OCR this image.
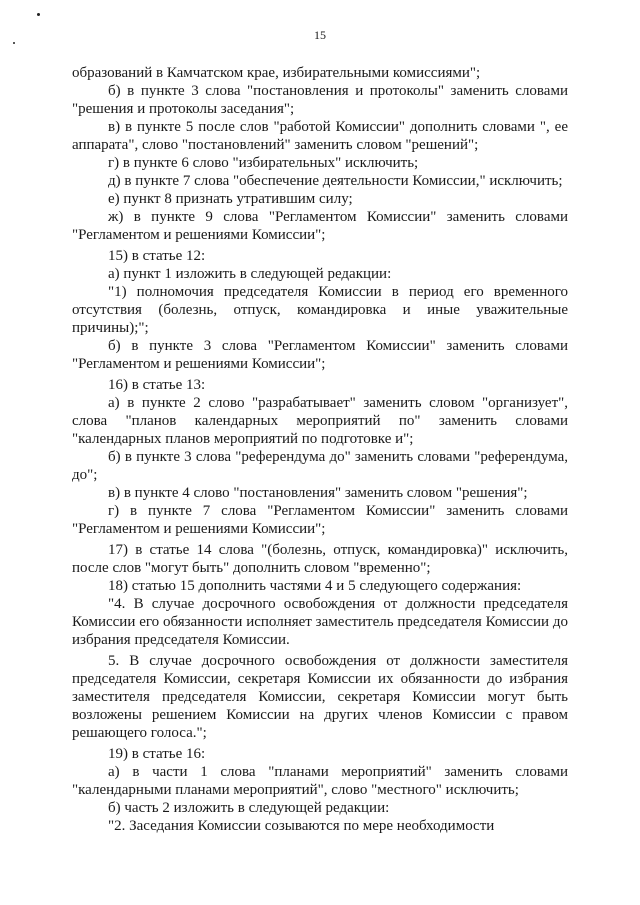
15

образований в Камчатском крае, избирательными комиссиями";

б) в пункте 3 слова "постановления и протоколы" заменить словами "решения и протоколы заседания";

в) в пункте 5 после слов "работой Комиссии" дополнить словами ", ее аппарата", слово "постановлений" заменить словом "решений";

г) в пункте 6 слово "избирательных" исключить;

д) в пункте 7 слова "обеспечение деятельности Комиссии," исключить;

е) пункт 8 признать утратившим силу;

ж) в пункте 9 слова "Регламентом Комиссии" заменить словами "Регламентом и решениями Комиссии";

15) в статье 12:

а) пункт 1 изложить в следующей редакции:

"1) полномочия председателя Комиссии в период его временного отсутствия (болезнь, отпуск, командировка и иные уважительные причины);";

б) в пункте 3 слова "Регламентом Комиссии" заменить словами "Регламентом и решениями Комиссии";

16) в статье 13:

а) в пункте 2 слово "разрабатывает" заменить словом "организует", слова "планов календарных мероприятий по" заменить словами "календарных планов мероприятий по подготовке и";

б) в пункте 3 слова "референдума до" заменить словами "референдума, до";

в) в пункте 4 слово "постановления" заменить словом "решения";

г) в пункте 7 слова "Регламентом Комиссии" заменить словами "Регламентом и решениями Комиссии";

17) в статье 14 слова "(болезнь, отпуск, командировка)" исключить, после слов "могут быть" дополнить словом "временно";

18) статью 15 дополнить частями 4 и 5 следующего содержания:

"4. В случае досрочного освобождения от должности председателя Комиссии его обязанности исполняет заместитель председателя Комиссии до избрания председателя Комиссии.

5. В случае досрочного освобождения от должности заместителя председателя Комиссии, секретаря Комиссии их обязанности до избрания заместителя председателя Комиссии, секретаря Комиссии могут быть возложены решением Комиссии на других членов Комиссии с правом решающего голоса.";

19) в статье 16:

а) в части 1 слова "планами мероприятий" заменить словами "календарными планами мероприятий", слово "местного" исключить;

б) часть 2 изложить в следующей редакции:

"2. Заседания Комиссии созываются по мере необходимости
